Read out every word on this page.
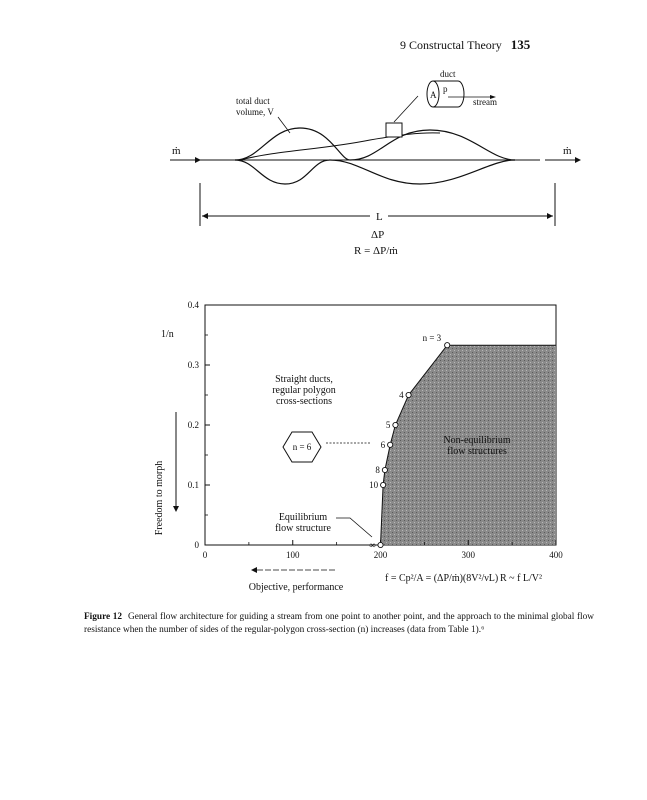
9 Constructal Theory 135
duct
A
p
stream
total duct
volume, V
ṁ	ṁ
L
ΔP
R = ΔP/ṁ
0
0.1
0.2
0.3
0.4
0	100	200	300	400
n = 3
4
5
6
8
10
∞
1/n
Freedom to morph
Straight ducts,
regular polygon
cross-sections
Non-equilibrium
flow structures
Equilibrium
flow structure
n = 6
Objective, performance
f = Cp²/A = (ΔP/ṁ)(8V²/νL) R ~ f L/V²
Figure 12 General flow architecture for guiding a stream from one point to another point, and the approach to the minimal global flow resistance when the number of sides of the regular-polygon cross-section (n) increases (data from Table 1).⁶
